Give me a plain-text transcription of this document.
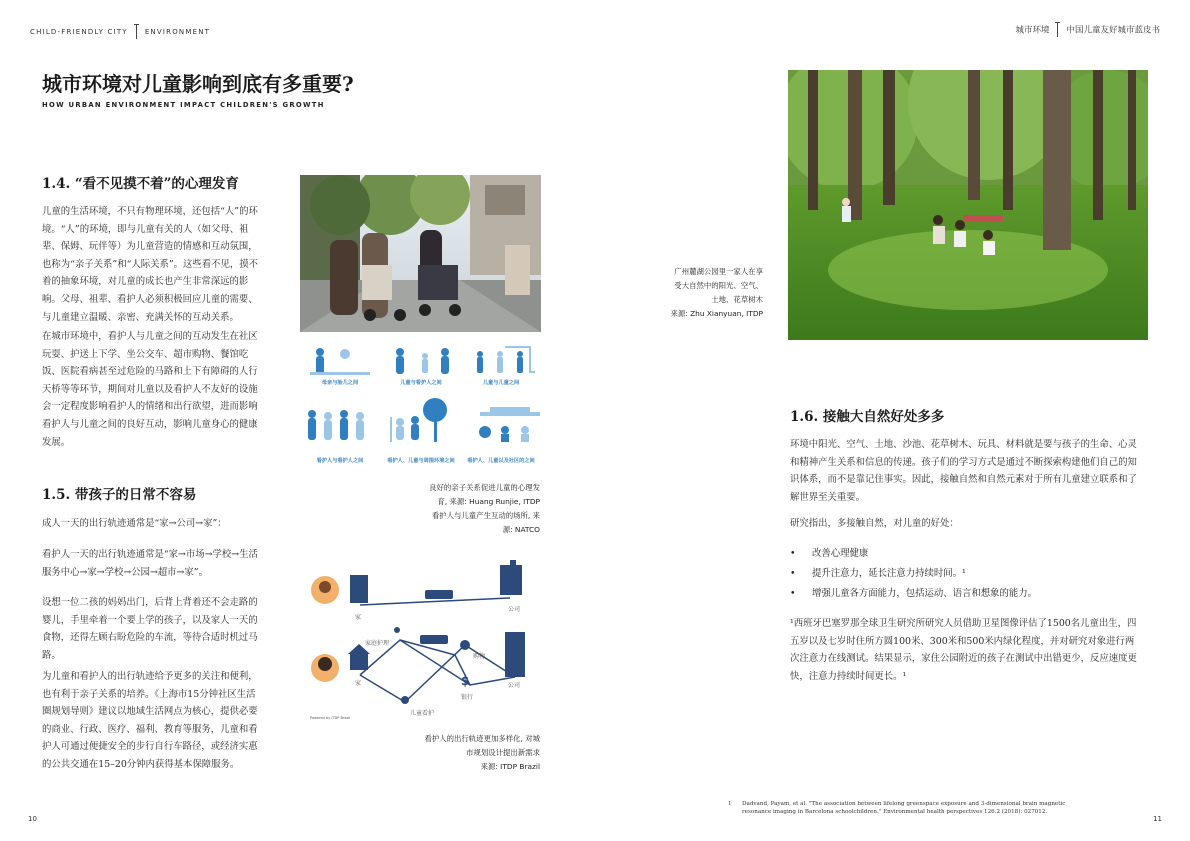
CHILD-FRIENDLY CITY ENVIRONMENT	城市环境 中国儿童友好城市蓝皮书
城市环境对儿童影响到底有多重要?
HOW URBAN ENVIRONMENT IMPACT CHILDREN'S GROWTH
1.4. “看不见摸不着”的心理发育

儿童的生活环境，不只有物理环境，还包括“人”的环境。“人”的环境，即与儿童有关的人（如父母、祖辈、保姆、玩伴等）为儿童营造的情感和互动氛围，也称为“亲子关系”和“人际关系”。这些看不见，摸不着的抽象环境，对儿童的成长也产生非常深远的影响。父母、祖辈、看护人必须积极回应儿童的需要、与儿童建立温暖、亲密、充满关怀的互动关系。

在城市环境中，看护人与儿童之间的互动发生在社区玩耍、护送上下学、坐公交车、超市购物、餐馆吃饭、医院看病甚至过危险的马路和上下有障碍的人行天桥等等环节，期间对儿童以及看护人不友好的设施会一定程度影响看护人的情绪和出行欲望，进而影响看护人与儿童之间的良好互动，影响儿童身心的健康发展。

1.5. 带孩子的日常不容易

成人一天的出行轨迹通常是“家→公司→家”：

看护人一天的出行轨迹通常是“家→市场→学校→生活服务中心→家→学校→公园→超市→家”。

设想一位二孩的妈妈出门，后背上背着还不会走路的婴儿，手里牵着一个要上学的孩子，以及家人一天的食物，还得左顾右盼危险的车流，等待合适时机过马路。

为儿童和看护人的出行轨迹给予更多的关注和便利，也有利于亲子关系的培养。《上海市15分钟社区生活圈规划导则》建议以地域生活网点为核心，提供必要的商业、行政、医疗、福利、教育等服务，儿童和看护人可通过便捷安全的步行自行车路径，或经济实惠的公共交通在15–20分钟内获得基本保障服务。

母亲与胎儿之间	儿童与看护人之间	儿童与儿童之间
看护人与看护人之间	看护人、儿童与周围环境之间	看护人、儿童以及社区的之间
良好的亲子关系促进儿童的心理发
育, 来源: Huang Runjie, ITDP
看护人与儿童产生互动的场所, 来
源: NATCO
$
家
公司
家	公司
家庭护理
购物
银行
儿童看护
Powered by ITDP Brazil
看护人的出行轨迹更加多样化, 对城
市规划设计提出新需求
来源: ITDP Brazil
广州麓湖公园里一家人在享
受大自然中的阳光、空气、
土地、花草树木
来源: Zhu Xianyuan, ITDP
1.6. 接触大自然好处多多

环境中阳光、空气、土地、沙池、花草树木、玩具、材料就是要与孩子的生命、心灵和精神产生关系和信息的传递。孩子们的学习方式是通过不断探索构建他们自己的知识体系，而不是靠记住事实。因此，接触自然和自然元素对于所有儿童建立联系和了解世界至关重要。

研究指出，多接触自然，对儿童的好处：

• 改善心理健康
• 提升注意力，延长注意力持续时间。¹
• 增强儿童各方面能力，包括运动、语言和想象的能力。

¹西班牙巴塞罗那全球卫生研究所研究人员借助卫星图像评估了1500名儿童出生，四五岁以及七岁时住所方圆100米、300米和500米内绿化程度，并对研究对象进行两次注意力在线测试。结果显示，家住公园附近的孩子在测试中出错更少，反应速度更快，注意力持续时间更长。¹

1	Dadvand, Payam, et al. "The association between lifelong greenspace exposure and 3-dimensional brain magnetic
resonance imaging in Barcelona schoolchildren." Environmental health perspectives 126.2 (2018): 027012.
10	11
